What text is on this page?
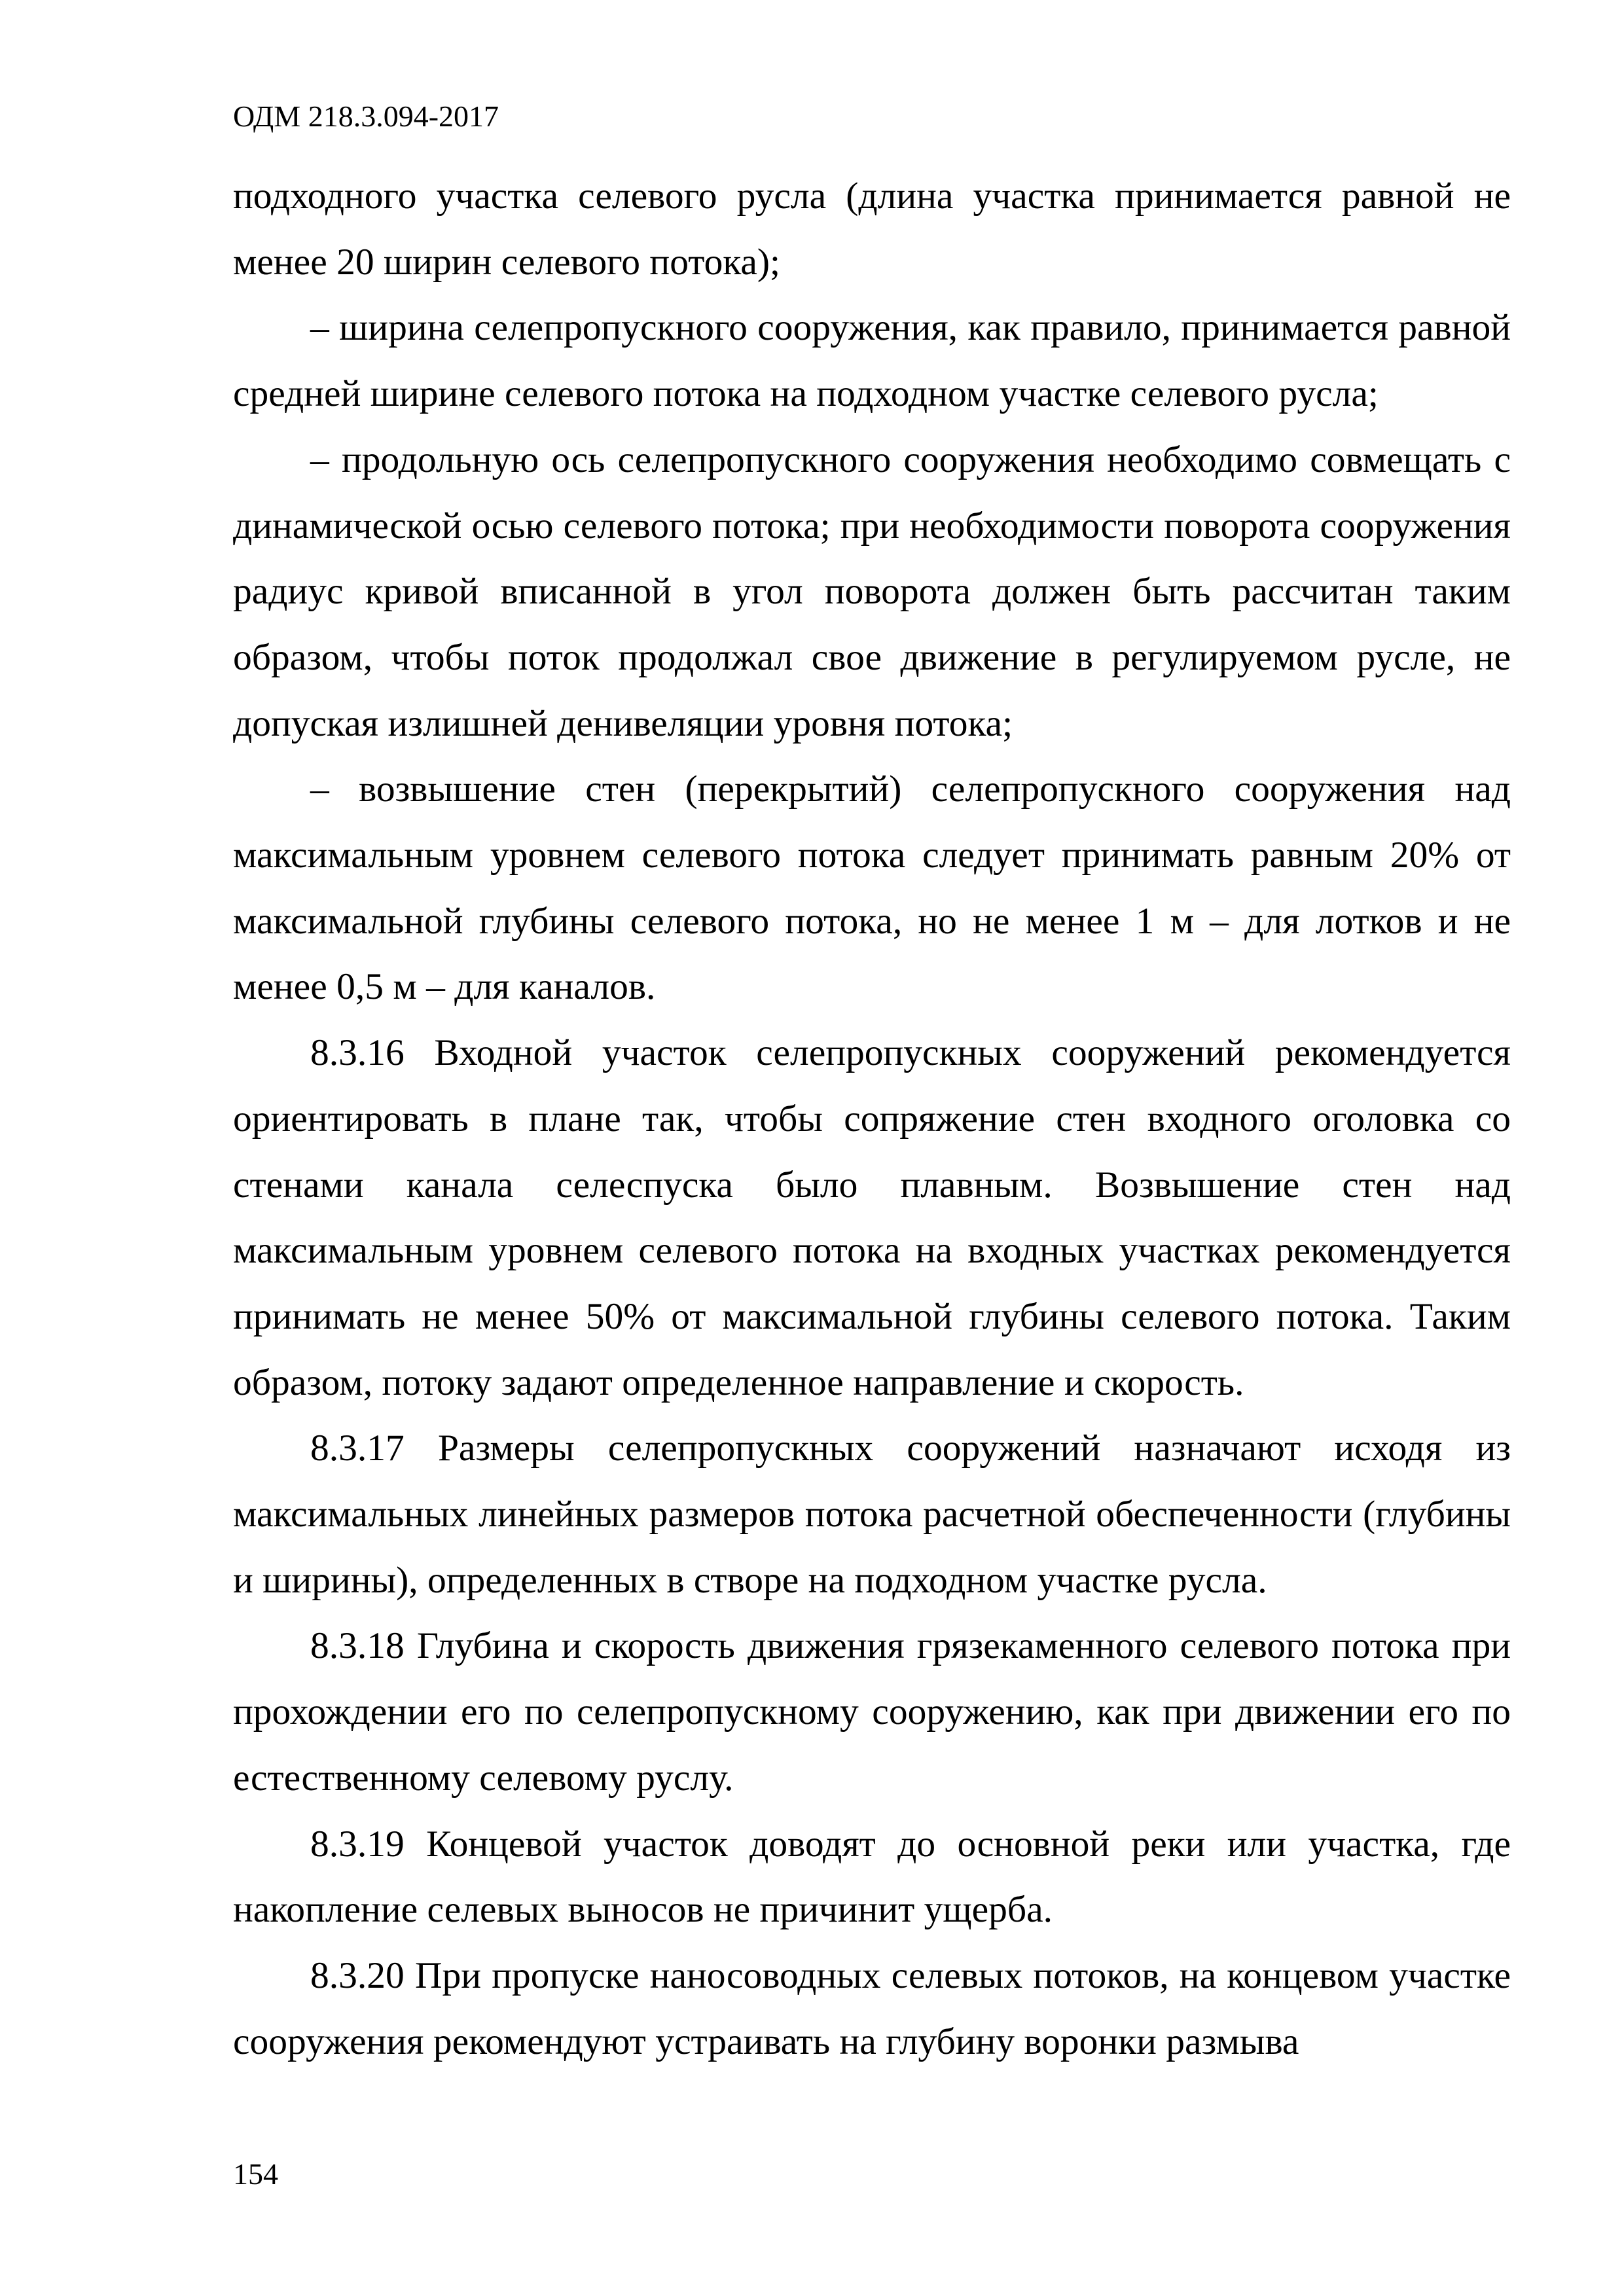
ОДМ 218.3.094-2017

подходного участка селевого русла (длина участка принимается равной не менее 20 ширин селевого потока);

– ширина селепропускного сооружения, как правило, принимается равной средней ширине селевого потока на подходном участке селевого русла;

– продольную ось селепропускного сооружения необходимо совмещать с динамической осью селевого потока; при необходимости поворота сооружения радиус кривой вписанной в угол поворота должен быть рассчитан таким образом, чтобы поток продолжал свое движение в регулируемом русле, не допуская излишней денивеляции уровня потока;

– возвышение стен (перекрытий) селепропускного сооружения над максимальным уровнем селевого потока следует принимать равным 20% от максимальной глубины селевого потока, но не менее 1 м – для лотков и не менее 0,5 м – для каналов.

8.3.16 Входной участок селепропускных сооружений рекомендуется ориентировать в плане так, чтобы сопряжение стен входного оголовка со стенами канала селеспуска было плавным. Возвышение стен над максимальным уровнем селевого потока на входных участках рекомендуется принимать не менее 50% от максимальной глубины селевого потока. Таким образом, потоку задают определенное направление и скорость.

8.3.17 Размеры селепропускных сооружений назначают исходя из максимальных линейных размеров потока расчетной обеспеченности (глубины и ширины), определенных в створе на подходном участке русла.

8.3.18 Глубина и скорость движения грязекаменного селевого потока при прохождении его по селепропускному сооружению, как при движении его по естественному селевому руслу.

8.3.19 Концевой участок доводят до основной реки или участка, где накопление селевых выносов не причинит ущерба.

8.3.20 При пропуске наносоводных селевых потоков, на концевом участке сооружения рекомендуют устраивать на глубину воронки размыва

154
